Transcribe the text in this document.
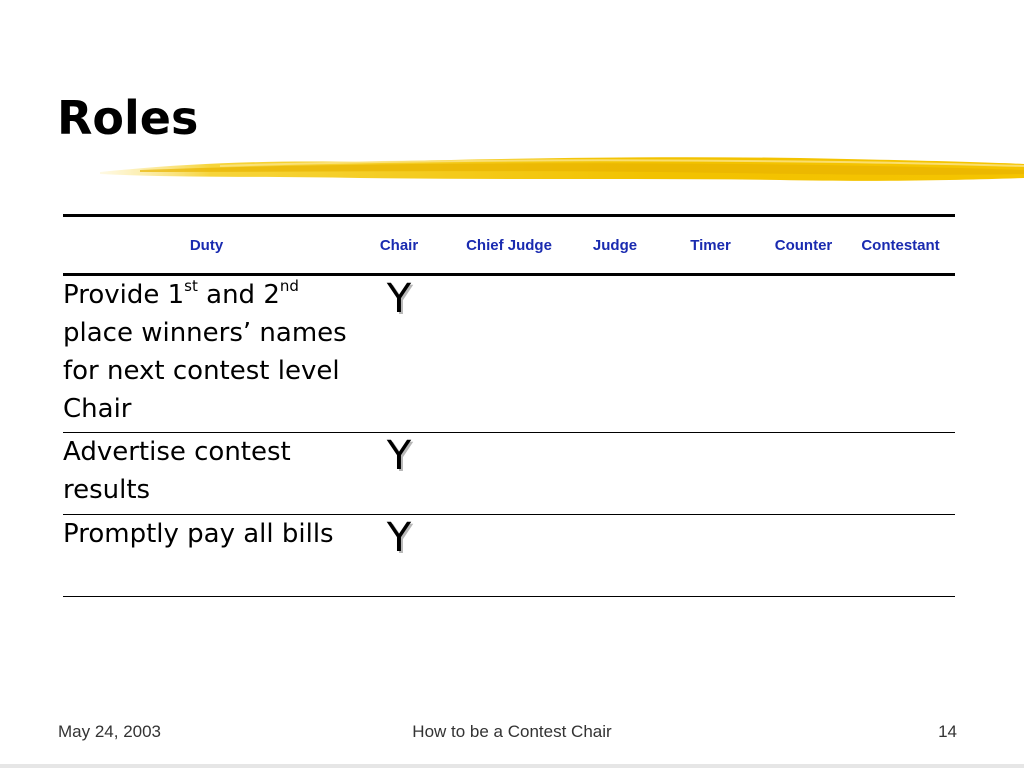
Roles
Duty	Chair	Chief Judge	Judge	Timer	Counter	Contestant
Provide 1st and 2nd place winners’ names for next contest level Chair	Y					
Advertise contest results	Y					
Promptly pay all bills	Y					
May 24, 2003	How to be a Contest Chair	14
